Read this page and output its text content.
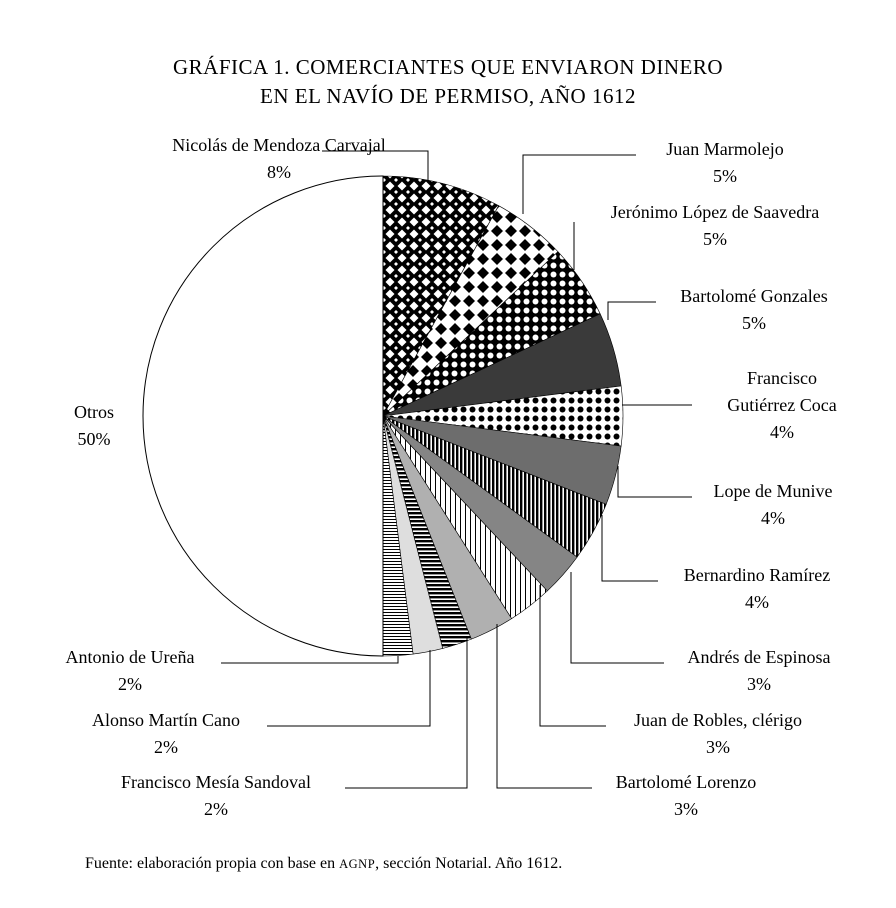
GRÁFICA 1. COMERCIANTES QUE ENVIARON DINERO
EN EL NAVÍO DE PERMISO, AÑO 1612
Nicolás de Mendoza Carvajal
8%
Juan Marmolejo
5%
Jerónimo López de Saavedra
5%
Bartolomé Gonzales
5%
Francisco
Gutiérrez Coca
4%
Lope de Munive
4%
Bernardino Ramírez
4%
Andrés de Espinosa
3%
Juan de Robles, clérigo
3%
Bartolomé Lorenzo
3%
Francisco Mesía Sandoval
2%
Alonso Martín Cano
2%
Antonio de Ureña
2%
Otros
50%
Fuente: elaboración propia con base en AGNP, sección Notarial. Año 1612.
